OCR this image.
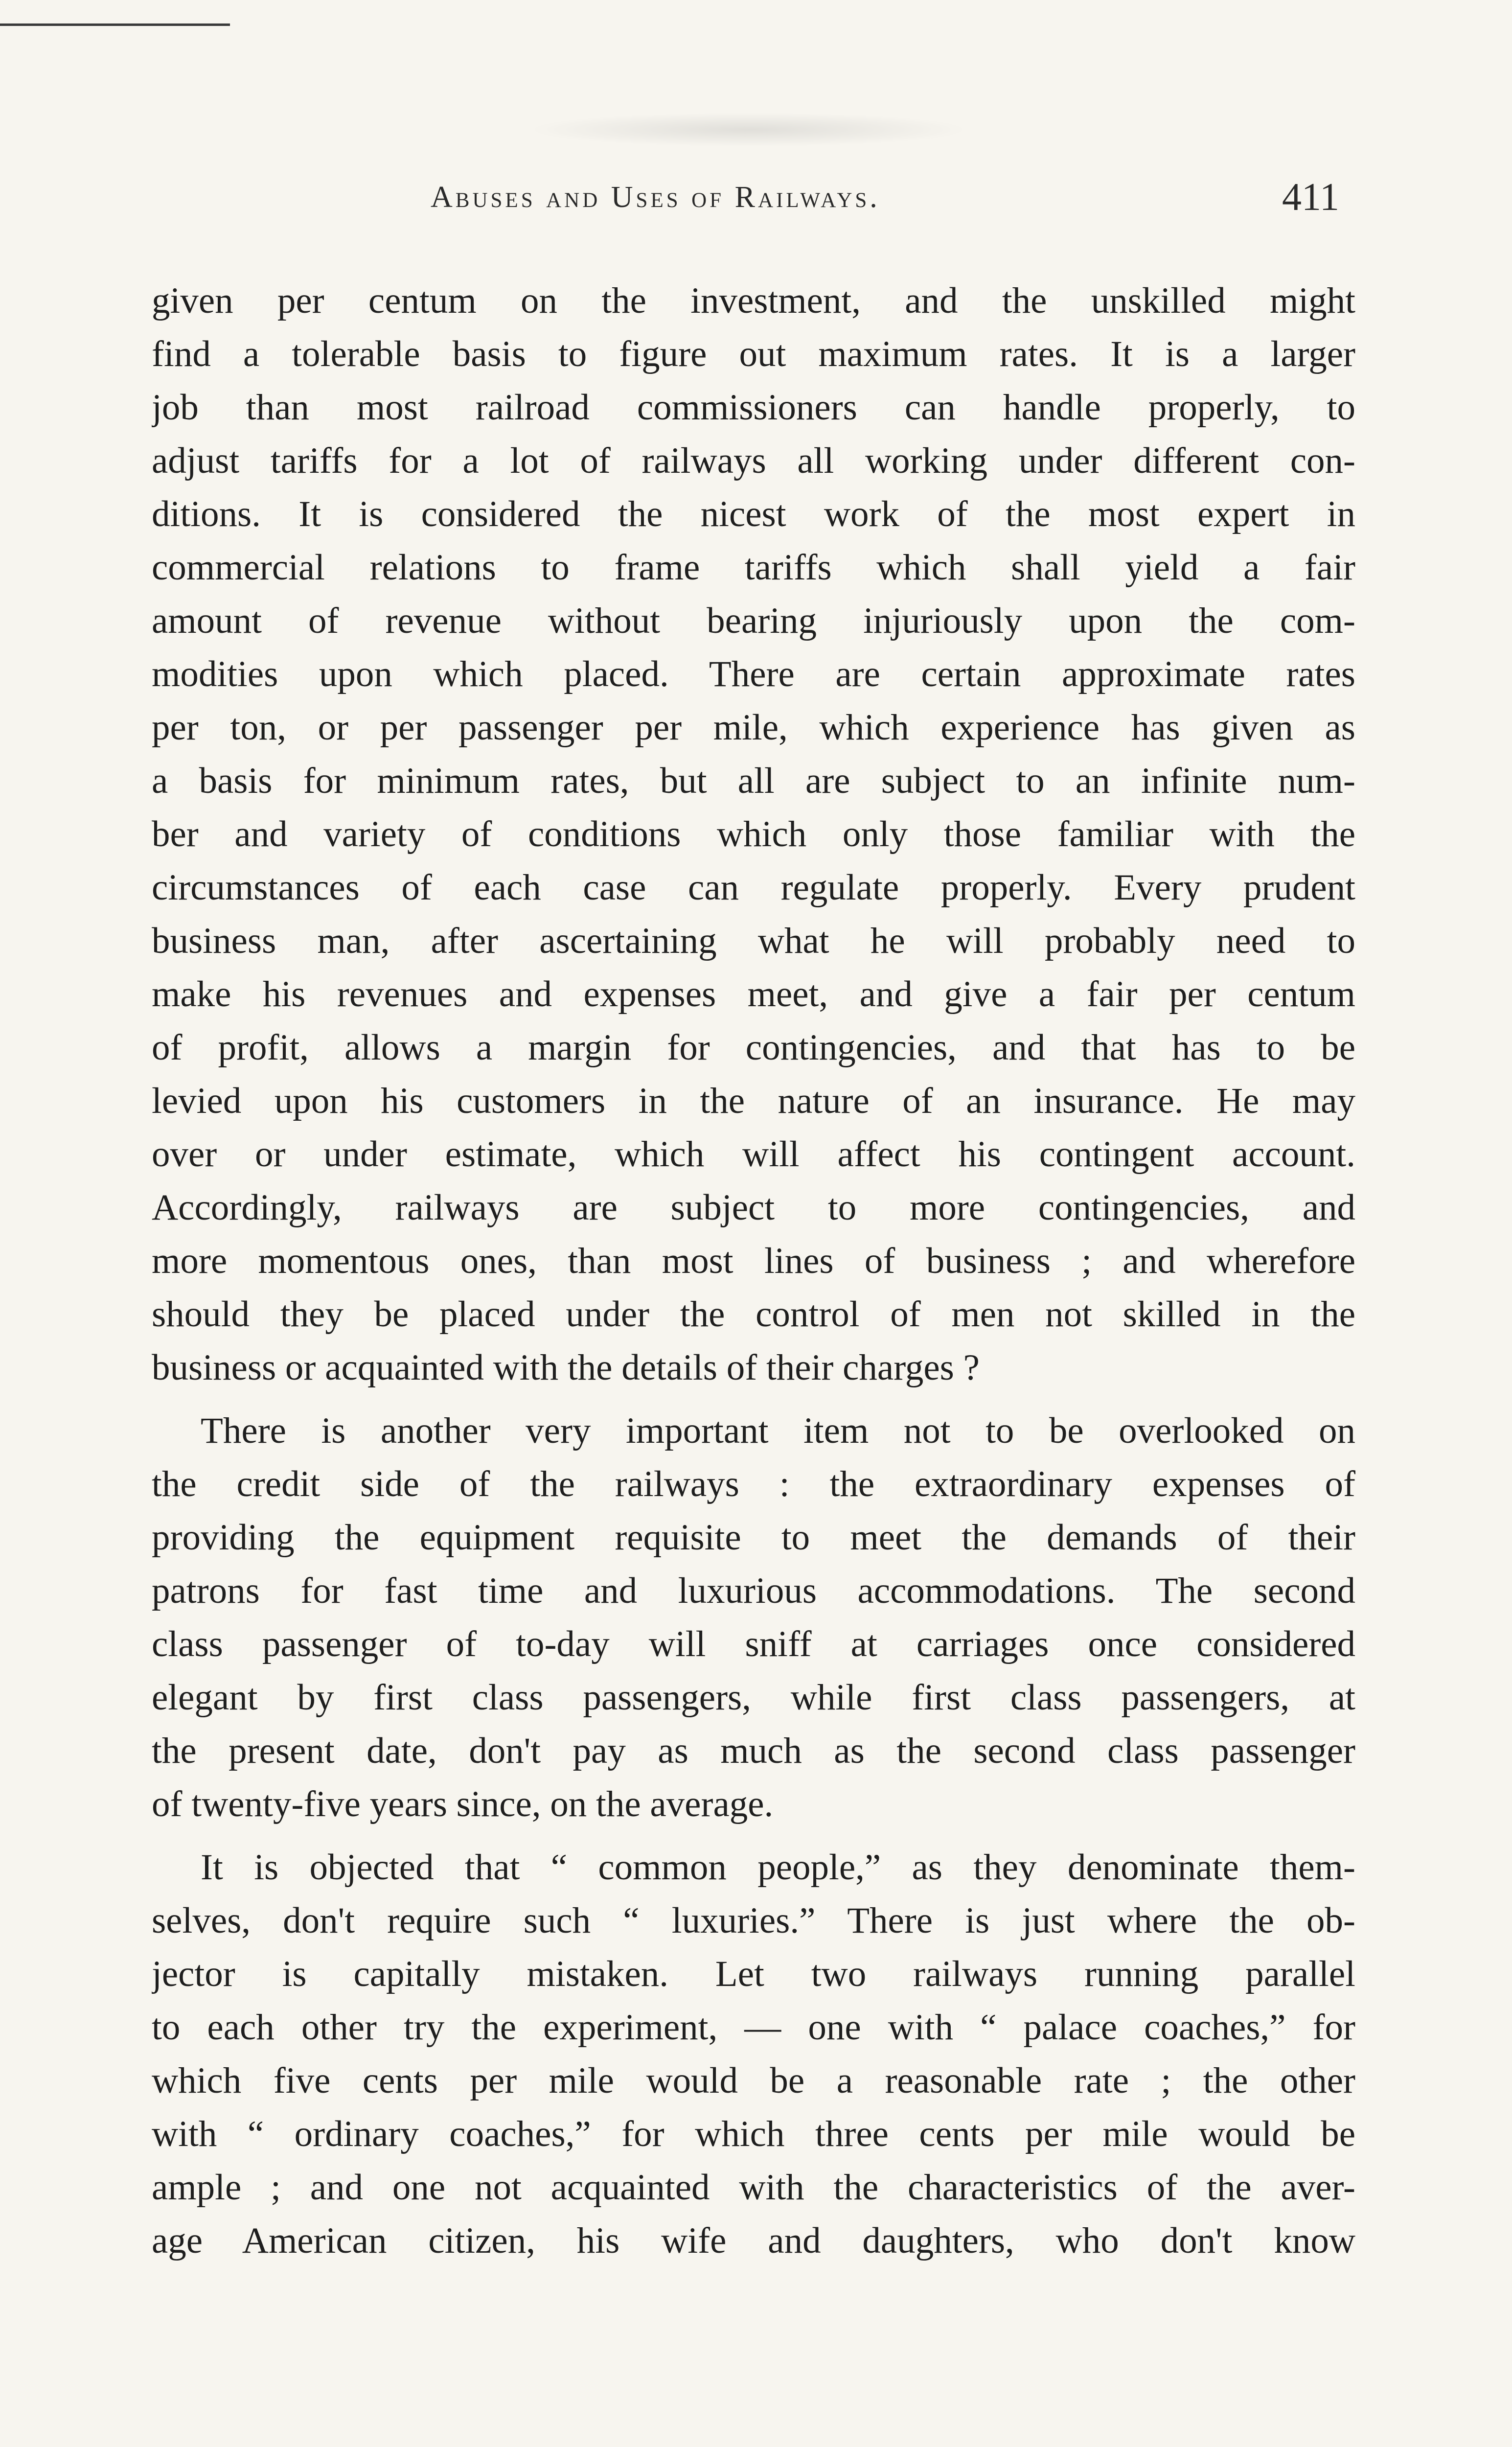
Abuses and Uses of Railways.	411
given per centum on the investment, and the unskilled might
find a tolerable basis to figure out maximum rates. It is a larger
job than most railroad commissioners can handle properly, to
adjust tariffs for a lot of railways all working under different con-
ditions. It is considered the nicest work of the most expert in
commercial relations to frame tariffs which shall yield a fair
amount of revenue without bearing injuriously upon the com-
modities upon which placed. There are certain approximate rates
per ton, or per passenger per mile, which experience has given as
a basis for minimum rates, but all are subject to an infinite num-
ber and variety of conditions which only those familiar with the
circumstances of each case can regulate properly. Every prudent
business man, after ascertaining what he will probably need to
make his revenues and expenses meet, and give a fair per centum
of profit, allows a margin for contingencies, and that has to be
levied upon his customers in the nature of an insurance. He may
over or under estimate, which will affect his contingent account.
Accordingly, railways are subject to more contingencies, and
more momentous ones, than most lines of business ; and wherefore
should they be placed under the control of men not skilled in the
business or acquainted with the details of their charges ?
There is another very important item not to be overlooked on
the credit side of the railways : the extraordinary expenses of
providing the equipment requisite to meet the demands of their
patrons for fast time and luxurious accommodations. The second
class passenger of to-day will sniff at carriages once considered
elegant by first class passengers, while first class passengers, at
the present date, don't pay as much as the second class passenger
of twenty-five years since, on the average.
It is objected that “ common people,” as they denominate them-
selves, don't require such “ luxuries.” There is just where the ob-
jector is capitally mistaken. Let two railways running parallel
to each other try the experiment, — one with “ palace coaches,” for
which five cents per mile would be a reasonable rate ; the other
with “ ordinary coaches,” for which three cents per mile would be
ample ; and one not acquainted with the characteristics of the aver-
age American citizen, his wife and daughters, who don't know
